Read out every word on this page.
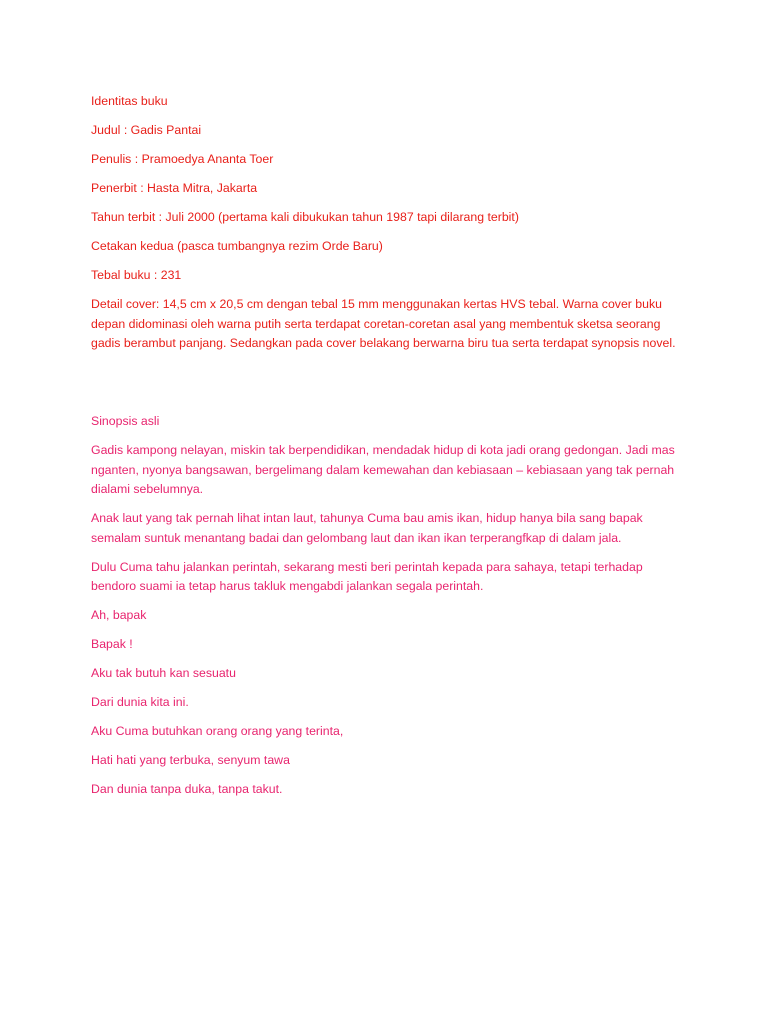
Identitas buku

Judul : Gadis Pantai

Penulis : Pramoedya Ananta Toer

Penerbit : Hasta Mitra, Jakarta

Tahun terbit : Juli 2000 (pertama kali dibukukan tahun 1987 tapi dilarang terbit)

Cetakan kedua (pasca tumbangnya rezim Orde Baru)

Tebal buku : 231

Detail cover: 14,5 cm x 20,5 cm dengan tebal 15 mm menggunakan kertas HVS tebal. Warna cover buku depan didominasi oleh warna putih serta terdapat coretan-coretan asal yang membentuk sketsa seorang gadis berambut panjang. Sedangkan pada cover belakang berwarna biru tua serta terdapat synopsis novel.

Sinopsis asli

Gadis kampong nelayan, miskin tak berpendidikan, mendadak hidup di kota jadi orang gedongan. Jadi mas nganten, nyonya bangsawan, bergelimang dalam kemewahan dan kebiasaan – kebiasaan yang tak pernah dialami sebelumnya.

Anak laut yang tak pernah lihat intan laut, tahunya Cuma bau amis ikan, hidup hanya bila sang bapak semalam suntuk menantang badai dan gelombang laut dan ikan ikan terperangfkap di dalam jala.

Dulu Cuma tahu jalankan perintah, sekarang mesti beri perintah kepada para sahaya, tetapi terhadap bendoro suami ia tetap harus takluk mengabdi jalankan segala perintah.

Ah, bapak

Bapak !

Aku tak butuh kan sesuatu

Dari dunia kita ini.

Aku Cuma butuhkan orang orang yang terinta,

Hati hati yang terbuka, senyum tawa

Dan dunia tanpa duka, tanpa takut.
